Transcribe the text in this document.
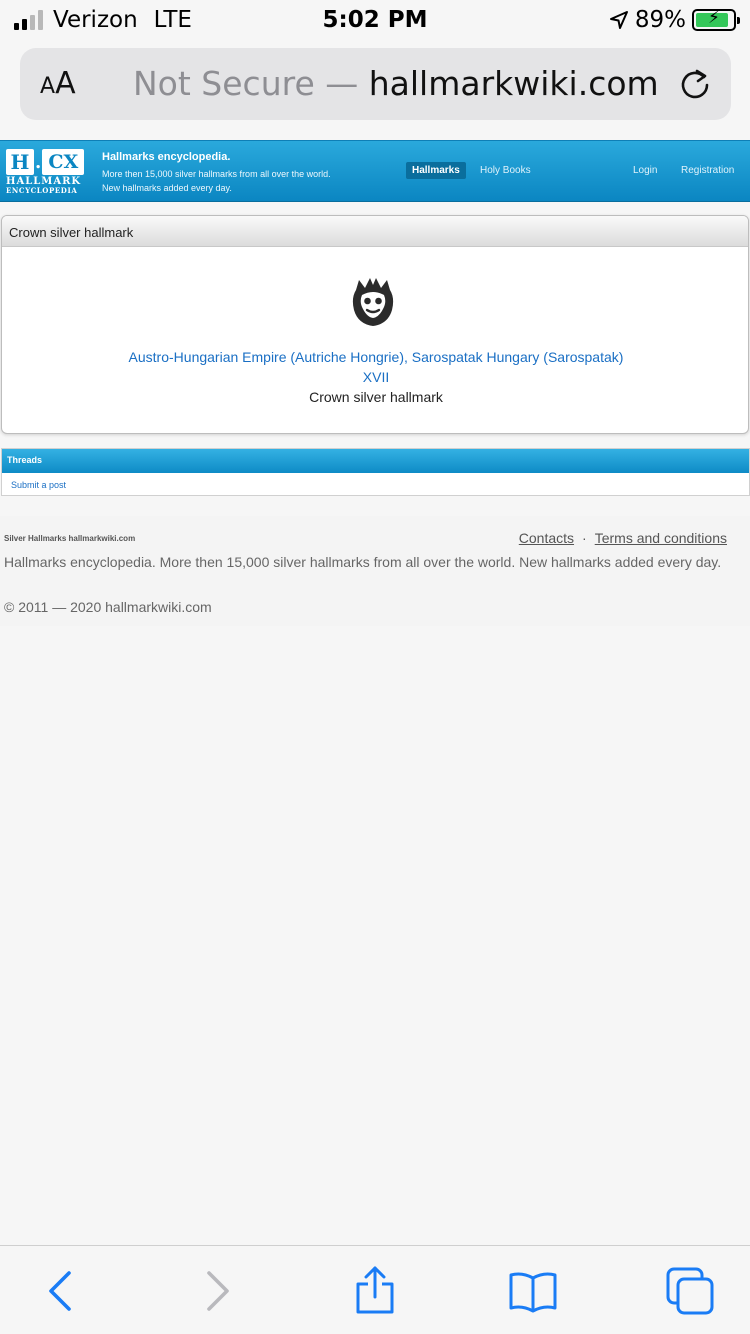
Verizon LTE	5:02 PM	89%	⚡
AA Not Secure — hallmarkwiki.com
H . CX
HALLMARK
ENCYCLOPEDIA
Hallmarks encyclopedia.
More then 15,000 silver hallmarks from all over the world.
New hallmarks added every day.
Hallmarks	Holy Books	Login Registration
Crown silver hallmark
Austro-Hungarian Empire (Autriche Hongrie), Sarospatak Hungary (Sarospatak)
XVII
Crown silver hallmark
Threads
Submit a post
Silver Hallmarks hallmarkwiki.com	Contacts · Terms and conditions
Hallmarks encyclopedia. More then 15,000 silver hallmarks from all over the world. New hallmarks added every day.
© 2011 — 2020 hallmarkwiki.com
